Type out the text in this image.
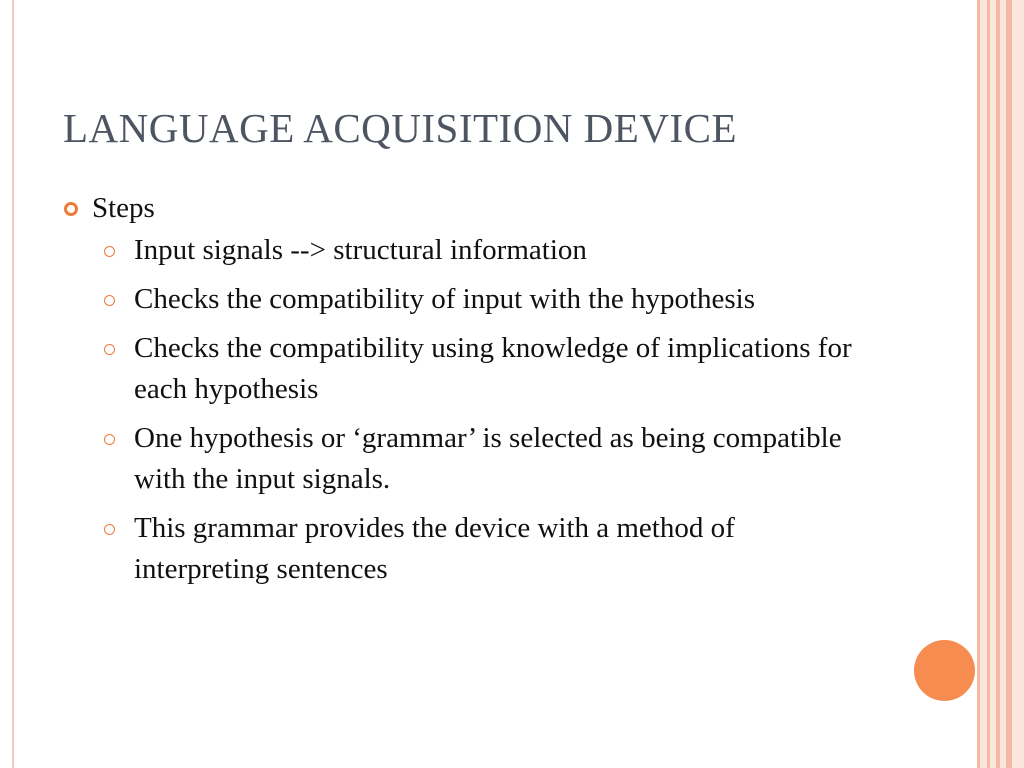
LANGUAGE ACQUISITION DEVICE
Steps
Input signals --> structural information
Checks the compatibility of input with the hypothesis
Checks the compatibility using knowledge of implications for each hypothesis
One hypothesis or ‘grammar’ is selected as being compatible with the input signals.
This grammar provides the device with a method of interpreting sentences
